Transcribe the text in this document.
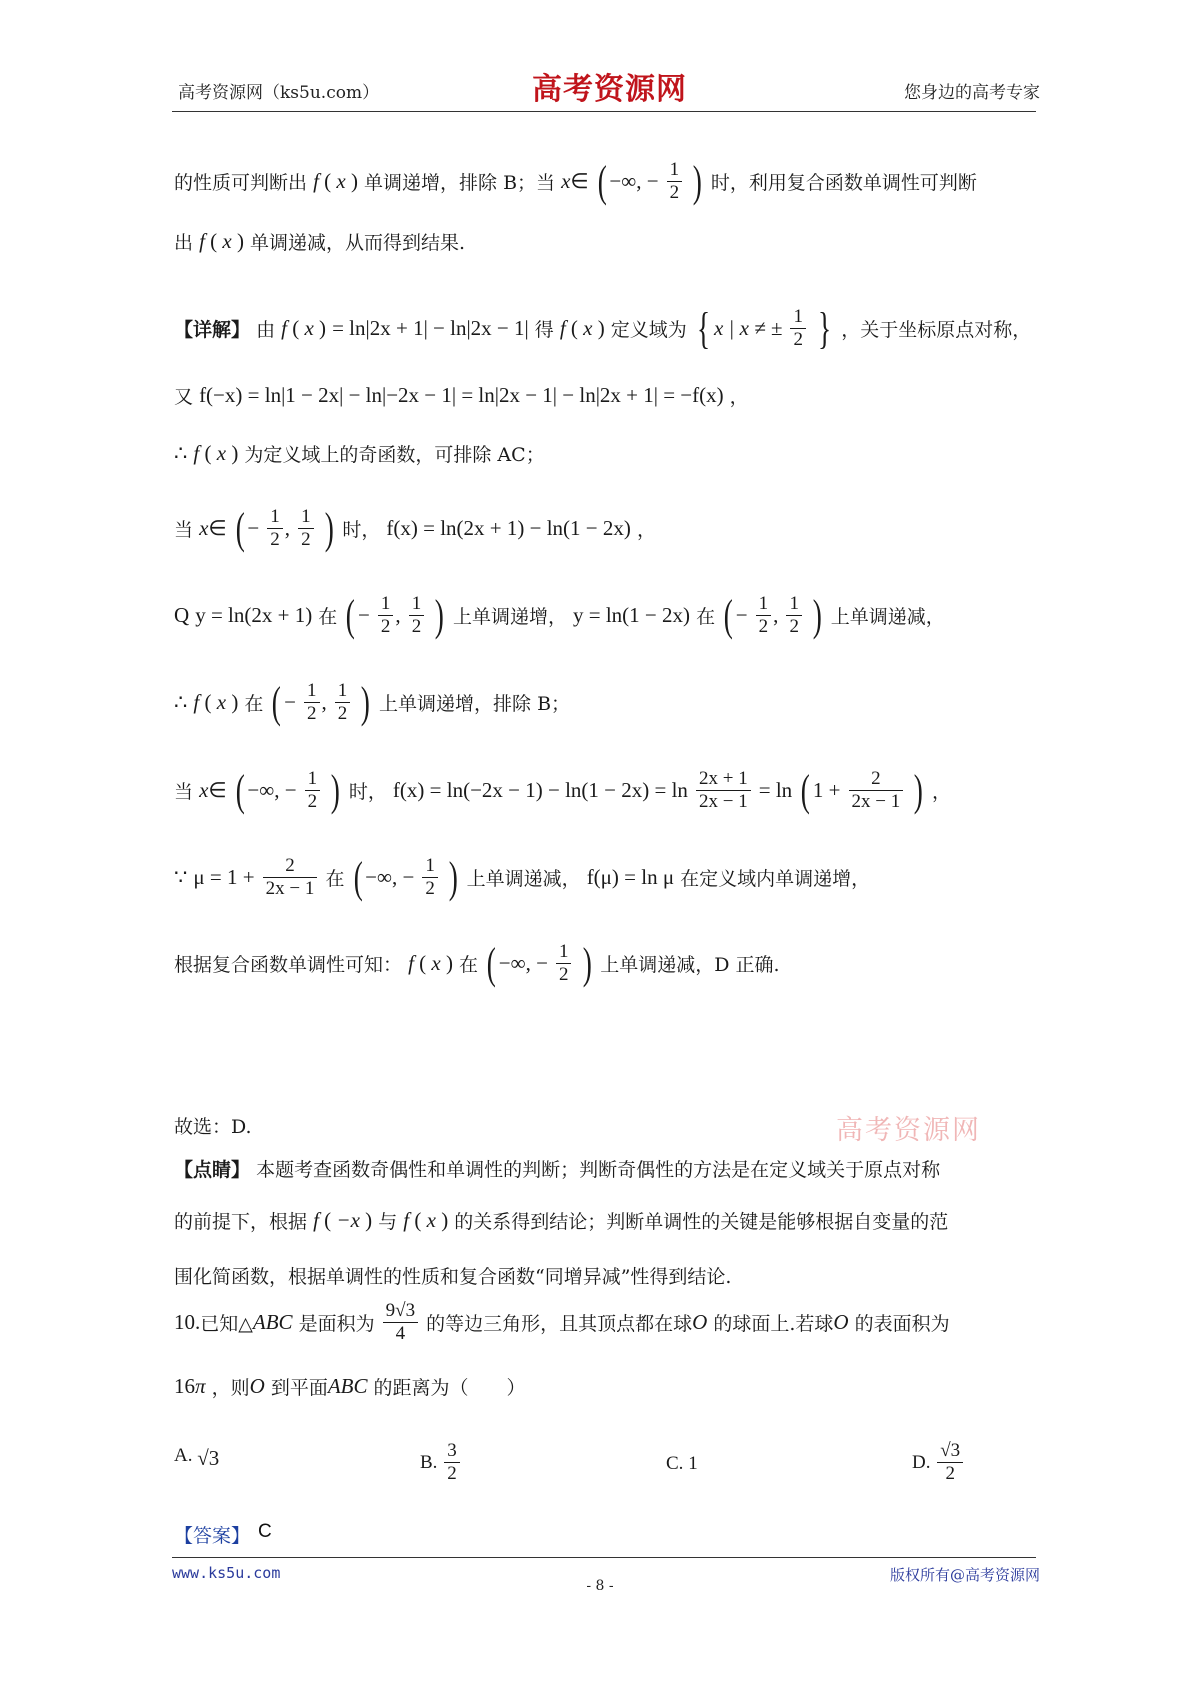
高考资源网（ks5u.com）	高考资源网	您身边的高考专家
的性质可判断出 f ( x ) 单调递增，排除 B；当 x∈ ( −∞, − $\frac{1}{2}$ ) 时，利用复合函数单调性可判断
出 f ( x ) 单调递减，从而得到结果.
【详解】 由 f ( x ) = ln|2x + 1| − ln|2x − 1| 得 f ( x ) 定义域为 { x | x ≠ ± $\frac{1}{2}$ } ，关于坐标原点对称，
又 f(−x) = ln|1 − 2x| − ln|−2x − 1| = ln|2x − 1| − ln|2x + 1| = −f(x) ，
∴ f ( x ) 为定义域上的奇函数，可排除 AC；
当 x∈ ( − $\frac{1}{2}$ , $\frac{1}{2}$ ) 时， f(x) = ln(2x + 1) − ln(1 − 2x) ，
Q y = ln(2x + 1) 在 ( − $\frac{1}{2}$ , $\frac{1}{2}$ ) 上单调递增， y = ln(1 − 2x) 在 ( − $\frac{1}{2}$ , $\frac{1}{2}$ ) 上单调递减，
∴ f ( x ) 在 ( − $\frac{1}{2}$ , $\frac{1}{2}$ ) 上单调递增，排除 B；
当 x∈ ( −∞, − $\frac{1}{2}$ ) 时， $f(x) = \ln(-2x - 1) - \ln(1 - 2x) = \ln \frac{2x + 1}{2x - 1} = \ln$ ( $1 + \frac{2}{2x - 1}$ ) ，
∵ $\mu = 1 + \frac{2}{2x - 1}$ 在 ( −∞, − $\frac{1}{2}$ ) 上单调递减， f(μ) = ln μ 在定义域内单调递增，
根据复合函数单调性可知： f ( x ) 在 ( −∞, − $\frac{1}{2}$ ) 上单调递减，D 正确.
故选：D.	高考资源网
【点睛】 本题考查函数奇偶性和单调性的判断；判断奇偶性的方法是在定义域关于原点对称
的前提下，根据 f ( −x ) 与 f ( x ) 的关系得到结论；判断单调性的关键是能够根据自变量的范
围化简函数，根据单调性的性质和复合函数“同增异减”性得到结论.
10.已知△ABC 是面积为 $\frac{9√3}{4}$ 的等边三角形，且其顶点都在球O 的球面上.若球O 的表面积为
16π ，则O 到平面ABC 的距离为（　　）
A. √3	B. $\frac{3}{2}$	C. 1	D. $\frac{√3}{2}$
【答案】 C
www.ks5u.com	版权所有@高考资源网
- 8 -
